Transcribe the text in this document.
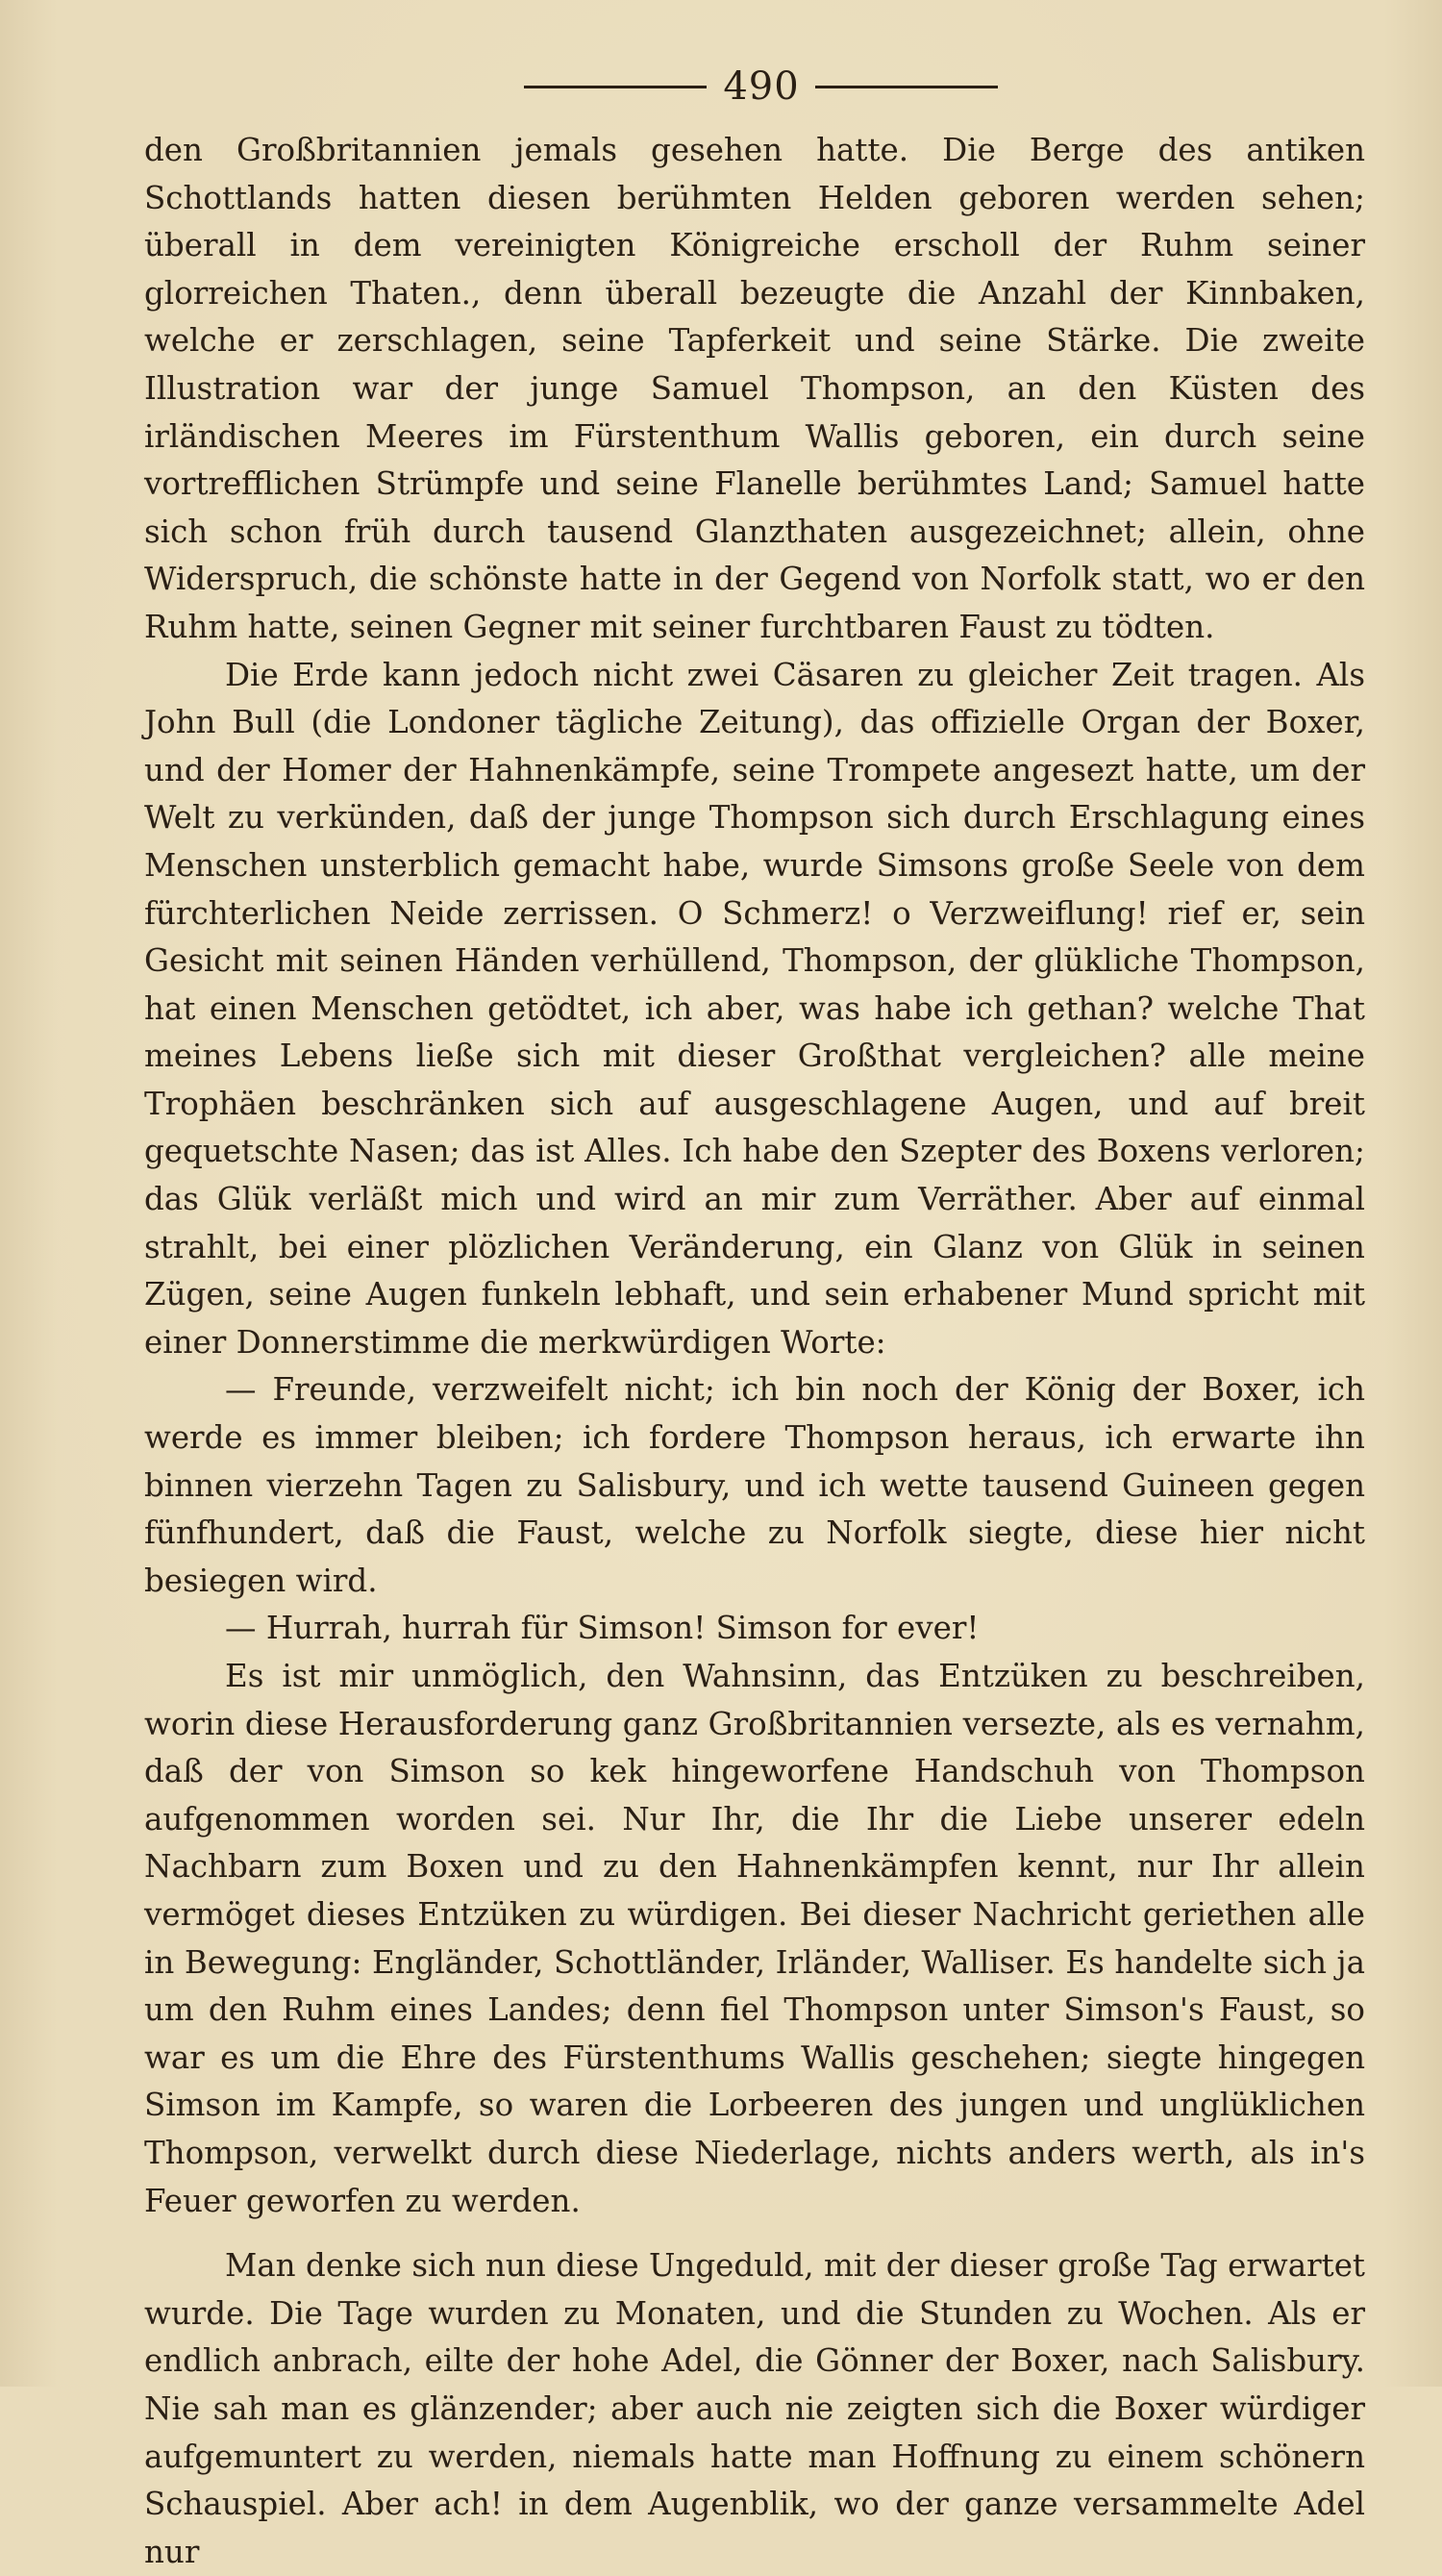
490

den Großbritannien jemals gesehen hatte. Die Berge des antiken Schottlands hatten diesen berühmten Helden geboren werden sehen; überall in dem vereinigten Königreiche erscholl der Ruhm seiner glorreichen Thaten., denn überall bezeugte die Anzahl der Kinnbaken, welche er zerschlagen, seine Tapferkeit und seine Stärke. Die zweite Illustration war der junge Samuel Thompson, an den Küsten des irländischen Meeres im Fürstenthum Wallis geboren, ein durch seine vortrefflichen Strümpfe und seine Flanelle berühmtes Land; Samuel hatte sich schon früh durch tausend Glanzthaten ausgezeichnet; allein, ohne Widerspruch, die schönste hatte in der Gegend von Norfolk statt, wo er den Ruhm hatte, seinen Gegner mit seiner furchtbaren Faust zu tödten.

Die Erde kann jedoch nicht zwei Cäsaren zu gleicher Zeit tragen. Als John Bull (die Londoner tägliche Zeitung), das offizielle Organ der Boxer, und der Homer der Hahnenkämpfe, seine Trompete angesezt hatte, um der Welt zu verkünden, daß der junge Thompson sich durch Erschlagung eines Menschen unsterblich gemacht habe, wurde Simsons große Seele von dem fürchterlichen Neide zerrissen. O Schmerz! o Verzweiflung! rief er, sein Gesicht mit seinen Händen verhüllend, Thompson, der glükliche Thompson, hat einen Menschen getödtet, ich aber, was habe ich gethan? welche That meines Lebens ließe sich mit dieser Großthat vergleichen? alle meine Trophäen beschränken sich auf ausgeschlagene Augen, und auf breit gequetschte Nasen; das ist Alles. Ich habe den Szepter des Boxens verloren; das Glük verläßt mich und wird an mir zum Verräther. Aber auf einmal strahlt, bei einer plözlichen Veränderung, ein Glanz von Glük in seinen Zügen, seine Augen funkeln lebhaft, und sein erhabener Mund spricht mit einer Donnerstimme die merkwürdigen Worte:

— Freunde, verzweifelt nicht; ich bin noch der König der Boxer, ich werde es immer bleiben; ich fordere Thompson heraus, ich erwarte ihn binnen vierzehn Tagen zu Salisbury, und ich wette tausend Guineen gegen fünfhundert, daß die Faust, welche zu Norfolk siegte, diese hier nicht besiegen wird.

— Hurrah, hurrah für Simson! Simson for ever!

Es ist mir unmöglich, den Wahnsinn, das Entzüken zu beschreiben, worin diese Herausforderung ganz Großbritannien versezte, als es vernahm, daß der von Simson so kek hingeworfene Handschuh von Thompson aufgenommen worden sei. Nur Ihr, die Ihr die Liebe unserer edeln Nachbarn zum Boxen und zu den Hahnenkämpfen kennt, nur Ihr allein vermöget dieses Entzüken zu würdigen. Bei dieser Nachricht geriethen alle in Bewegung: Engländer, Schottländer, Irländer, Walliser. Es handelte sich ja um den Ruhm eines Landes; denn fiel Thompson unter Simson's Faust, so war es um die Ehre des Fürstenthums Wallis geschehen; siegte hingegen Simson im Kampfe, so waren die Lorbeeren des jungen und unglüklichen Thompson, verwelkt durch diese Niederlage, nichts anders werth, als in's Feuer geworfen zu werden.

Man denke sich nun diese Ungeduld, mit der dieser große Tag erwartet wurde. Die Tage wurden zu Monaten, und die Stunden zu Wochen. Als er endlich anbrach, eilte der hohe Adel, die Gönner der Boxer, nach Salisbury. Nie sah man es glänzender; aber auch nie zeigten sich die Boxer würdiger aufgemuntert zu werden, niemals hatte man Hoffnung zu einem schönern Schauspiel. Aber ach! in dem Augenblik, wo der ganze versammelte Adel nur
